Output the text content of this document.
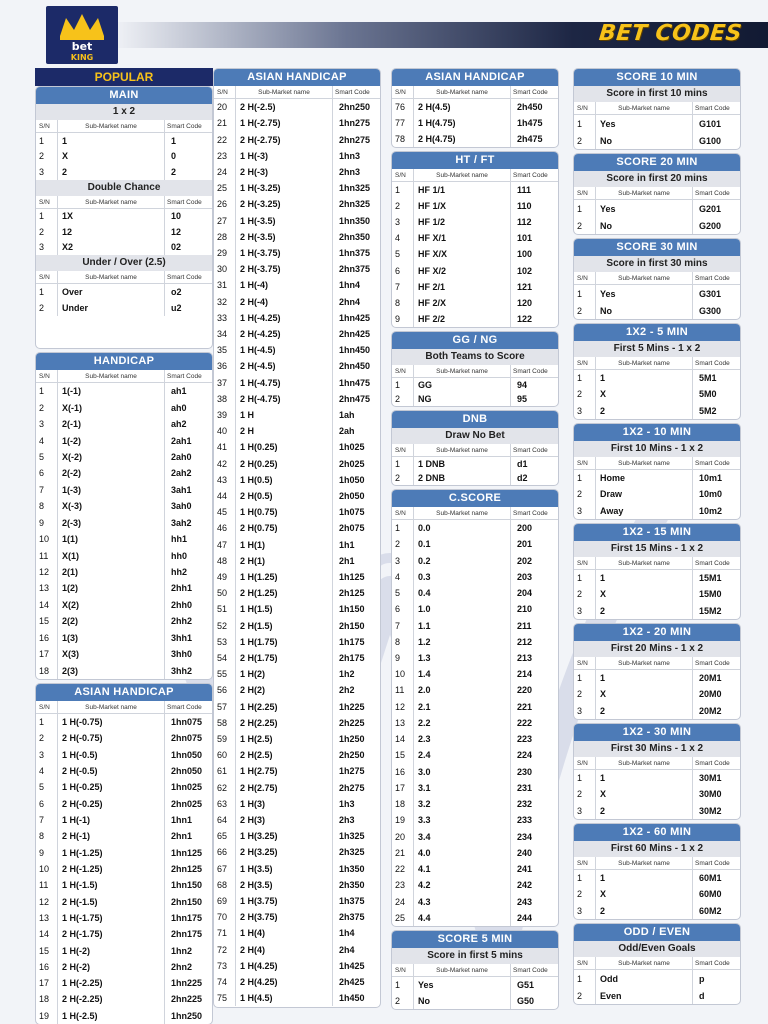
bet
KING
BET CODES
POPULAR
MAIN
1 x 2
S/N	Sub-Market name	Smart Code
1	1	1
2	X	0
3	2	2
Double Chance
S/N	Sub-Market name	Smart Code
1	1X	10
2	12	12
3	X2	02
Under / Over (2.5)
S/N	Sub-Market name	Smart Code
1	Over	o2
2	Under	u2
HANDICAP
S/N	Sub-Market name	Smart Code
1	1(-1)	ah1
2	X(-1)	ah0
3	2(-1)	ah2
4	1(-2)	2ah1
5	X(-2)	2ah0
6	2(-2)	2ah2
7	1(-3)	3ah1
8	X(-3)	3ah0
9	2(-3)	3ah2
10	1(1)	hh1
11	X(1)	hh0
12	2(1)	hh2
13	1(2)	2hh1
14	X(2)	2hh0
15	2(2)	2hh2
16	1(3)	3hh1
17	X(3)	3hh0
18	2(3)	3hh2
ASIAN HANDICAP
S/N	Sub-Market name	Smart Code
1	1 H(-0.75)	1hn075
2	2 H(-0.75)	2hn075
3	1 H(-0.5)	1hn050
4	2 H(-0.5)	2hn050
5	1 H(-0.25)	1hn025
6	2 H(-0.25)	2hn025
7	1 H(-1)	1hn1
8	2 H(-1)	2hn1
9	1 H(-1.25)	1hn125
10	2 H(-1.25)	2hn125
11	1 H(-1.5)	1hn150
12	2 H(-1.5)	2hn150
13	1 H(-1.75)	1hn175
14	2 H(-1.75)	2hn175
15	1 H(-2)	1hn2
16	2 H(-2)	2hn2
17	1 H(-2.25)	1hn225
18	2 H(-2.25)	2hn225
19	1 H(-2.5)	1hn250
ASIAN HANDICAP
S/N	Sub-Market name	Smart Code
20	2 H(-2.5)	2hn250
21	1 H(-2.75)	1hn275
22	2 H(-2.75)	2hn275
23	1 H(-3)	1hn3
24	2 H(-3)	2hn3
25	1 H(-3.25)	1hn325
26	2 H(-3.25)	2hn325
27	1 H(-3.5)	1hn350
28	2 H(-3.5)	2hn350
29	1 H(-3.75)	1hn375
30	2 H(-3.75)	2hn375
31	1 H(-4)	1hn4
32	2 H(-4)	2hn4
33	1 H(-4.25)	1hn425
34	2 H(-4.25)	2hn425
35	1 H(-4.5)	1hn450
36	2 H(-4.5)	2hn450
37	1 H(-4.75)	1hn475
38	2 H(-4.75)	2hn475
39	1 H	1ah
40	2 H	2ah
41	1 H(0.25)	1h025
42	2 H(0.25)	2h025
43	1 H(0.5)	1h050
44	2 H(0.5)	2h050
45	1 H(0.75)	1h075
46	2 H(0.75)	2h075
47	1 H(1)	1h1
48	2 H(1)	2h1
49	1 H(1.25)	1h125
50	2 H(1.25)	2h125
51	1 H(1.5)	1h150
52	2 H(1.5)	2h150
53	1 H(1.75)	1h175
54	2 H(1.75)	2h175
55	1 H(2)	1h2
56	2 H(2)	2h2
57	1 H(2.25)	1h225
58	2 H(2.25)	2h225
59	1 H(2.5)	1h250
60	2 H(2.5)	2h250
61	1 H(2.75)	1h275
62	2 H(2.75)	2h275
63	1 H(3)	1h3
64	2 H(3)	2h3
65	1 H(3.25)	1h325
66	2 H(3.25)	2h325
67	1 H(3.5)	1h350
68	2 H(3.5)	2h350
69	1 H(3.75)	1h375
70	2 H(3.75)	2h375
71	1 H(4)	1h4
72	2 H(4)	2h4
73	1 H(4.25)	1h425
74	2 H(4.25)	2h425
75	1 H(4.5)	1h450
ASIAN HANDICAP
S/N	Sub-Market name	Smart Code
76	2 H(4.5)	2h450
77	1 H(4.75)	1h475
78	2 H(4.75)	2h475
HT / FT
S/N	Sub-Market name	Smart Code
1	HF 1/1	111
2	HF 1/X	110
3	HF 1/2	112
4	HF X/1	101
5	HF X/X	100
6	HF X/2	102
7	HF 2/1	121
8	HF 2/X	120
9	HF 2/2	122
GG / NG
Both Teams to Score
S/N	Sub-Market name	Smart Code
1	GG	94
2	NG	95
DNB
Draw No Bet
S/N	Sub-Market name	Smart Code
1	1 DNB	d1
2	2 DNB	d2
C.SCORE
S/N	Sub-Market name	Smart Code
1	0.0	200
2	0.1	201
3	0.2	202
4	0.3	203
5	0.4	204
6	1.0	210
7	1.1	211
8	1.2	212
9	1.3	213
10	1.4	214
11	2.0	220
12	2.1	221
13	2.2	222
14	2.3	223
15	2.4	224
16	3.0	230
17	3.1	231
18	3.2	232
19	3.3	233
20	3.4	234
21	4.0	240
22	4.1	241
23	4.2	242
24	4.3	243
25	4.4	244
SCORE 5 MIN
Score in first 5 mins
S/N	Sub-Market name	Smart Code
1	Yes	G51
2	No	G50
SCORE 10 MIN
Score in first 10 mins
S/N	Sub-Market name	Smart Code
1	Yes	G101
2	No	G100
SCORE 20 MIN
Score in first 20 mins
S/N	Sub-Market name	Smart Code
1	Yes	G201
2	No	G200
SCORE 30 MIN
Score in first 30 mins
S/N	Sub-Market name	Smart Code
1	Yes	G301
2	No	G300
1X2 - 5 MIN
First 5 Mins - 1 x 2
S/N	Sub-Market name	Smart Code
1	1	5M1
2	X	5M0
3	2	5M2
1X2 - 10 MIN
First 10 Mins - 1 x 2
S/N	Sub-Market name	Smart Code
1	Home	10m1
2	Draw	10m0
3	Away	10m2
1X2 - 15 MIN
First 15 Mins - 1 x 2
S/N	Sub-Market name	Smart Code
1	1	15M1
2	X	15M0
3	2	15M2
1X2 - 20 MIN
First 20 Mins - 1 x 2
S/N	Sub-Market name	Smart Code
1	1	20M1
2	X	20M0
3	2	20M2
1X2 - 30 MIN
First 30 Mins - 1 x 2
S/N	Sub-Market name	Smart Code
1	1	30M1
2	X	30M0
3	2	30M2
1X2 - 60 MIN
First 60 Mins - 1 x 2
S/N	Sub-Market name	Smart Code
1	1	60M1
2	X	60M0
3	2	60M2
ODD / EVEN
Odd/Even Goals
S/N	Sub-Market name	Smart Code
1	Odd	p
2	Even	d
